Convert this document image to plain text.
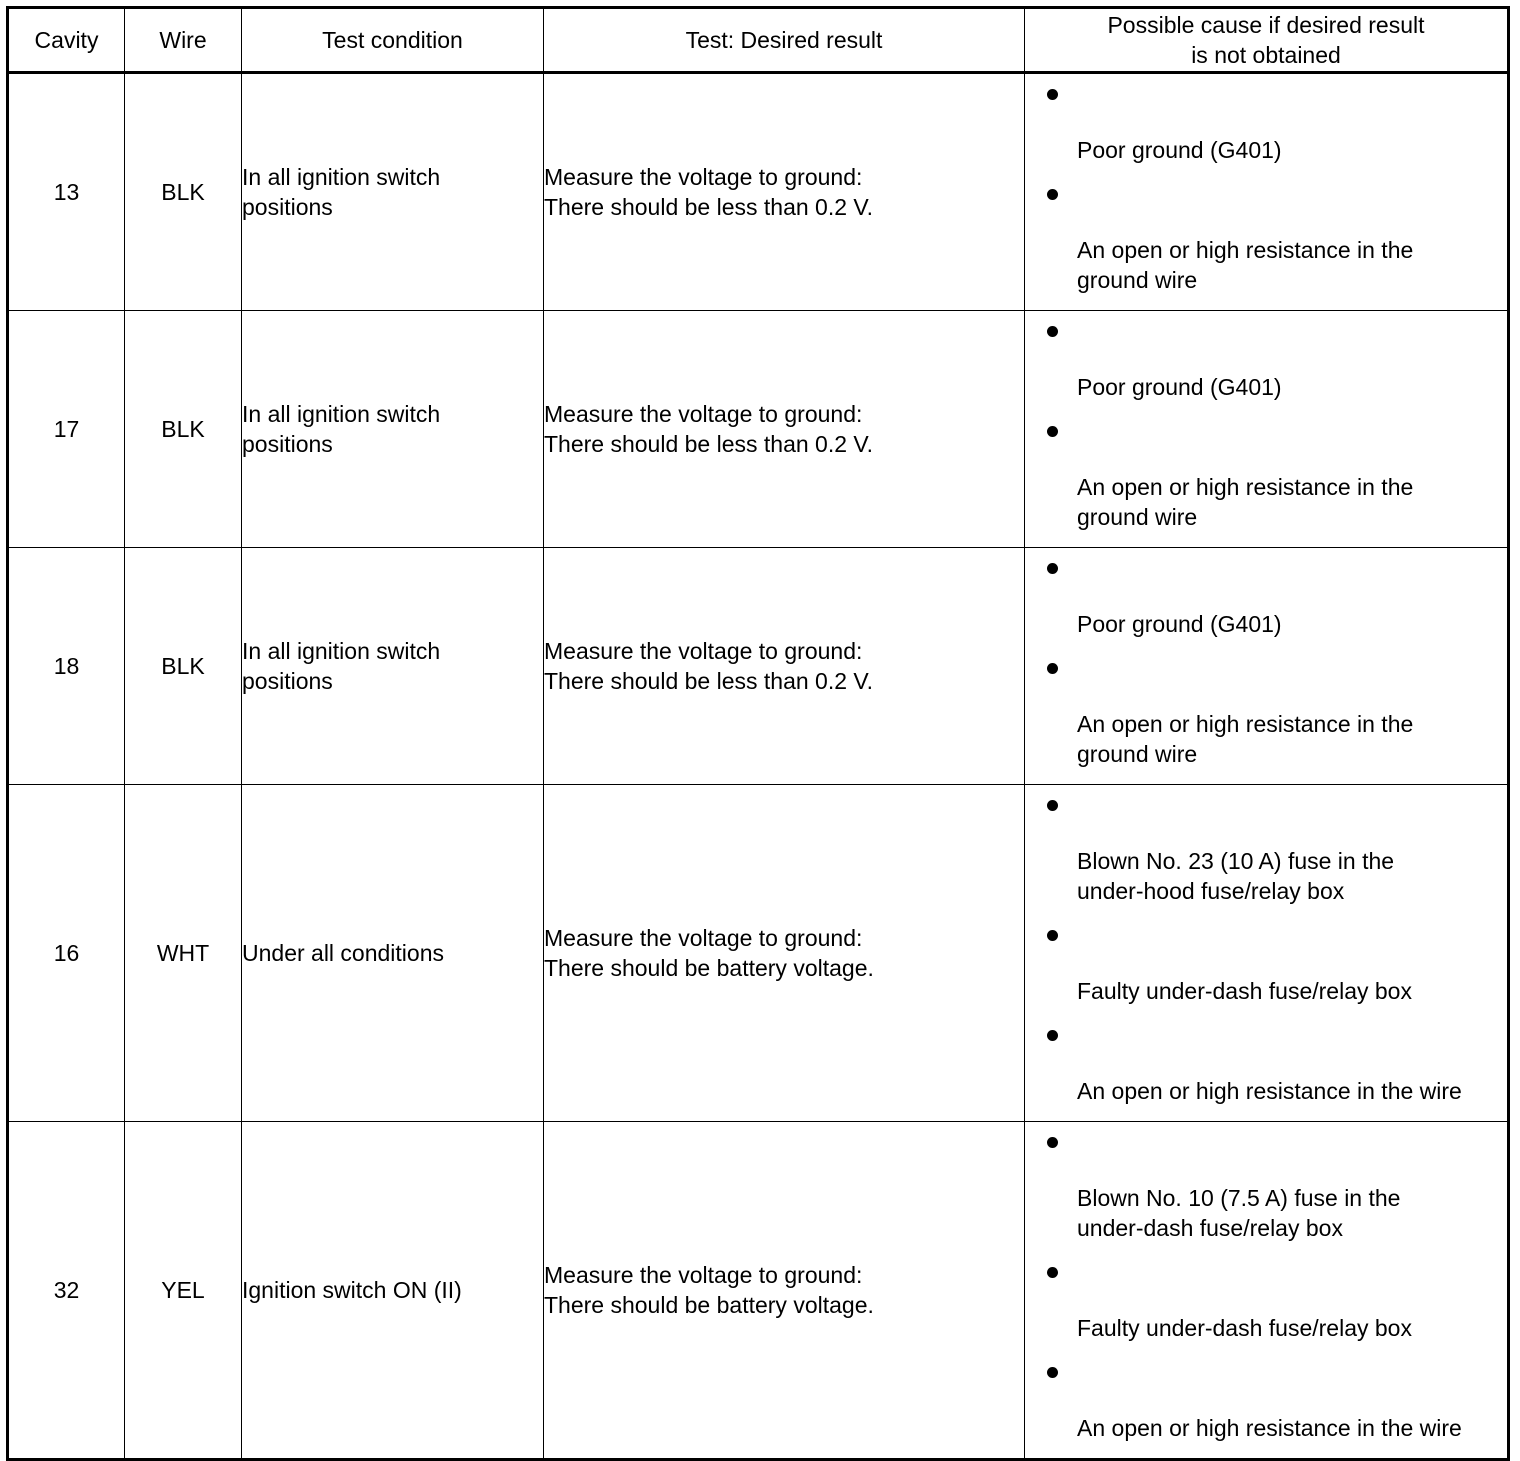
Cavity	Wire	Test condition	Test: Desired result	Possible cause if desired result
is not obtained

13	BLK	In all ignition switch
positions	Measure the voltage to ground:
There should be less than 0.2 V.	Poor ground (G401)
An open or high resistance in the
ground wire

17	BLK	In all ignition switch
positions	Measure the voltage to ground:
There should be less than 0.2 V.	Poor ground (G401)
An open or high resistance in the
ground wire

18	BLK	In all ignition switch
positions	Measure the voltage to ground:
There should be less than 0.2 V.	Poor ground (G401)
An open or high resistance in the
ground wire

16	WHT	Under all conditions	Measure the voltage to ground:
There should be battery voltage.	Blown No. 23 (10 A) fuse in the
under-hood fuse/relay box
Faulty under-dash fuse/relay box
An open or high resistance in the wire

32	YEL	Ignition switch ON (II)	Measure the voltage to ground:
There should be battery voltage.	Blown No. 10 (7.5 A) fuse in the
under-dash fuse/relay box
Faulty under-dash fuse/relay box
An open or high resistance in the wire
